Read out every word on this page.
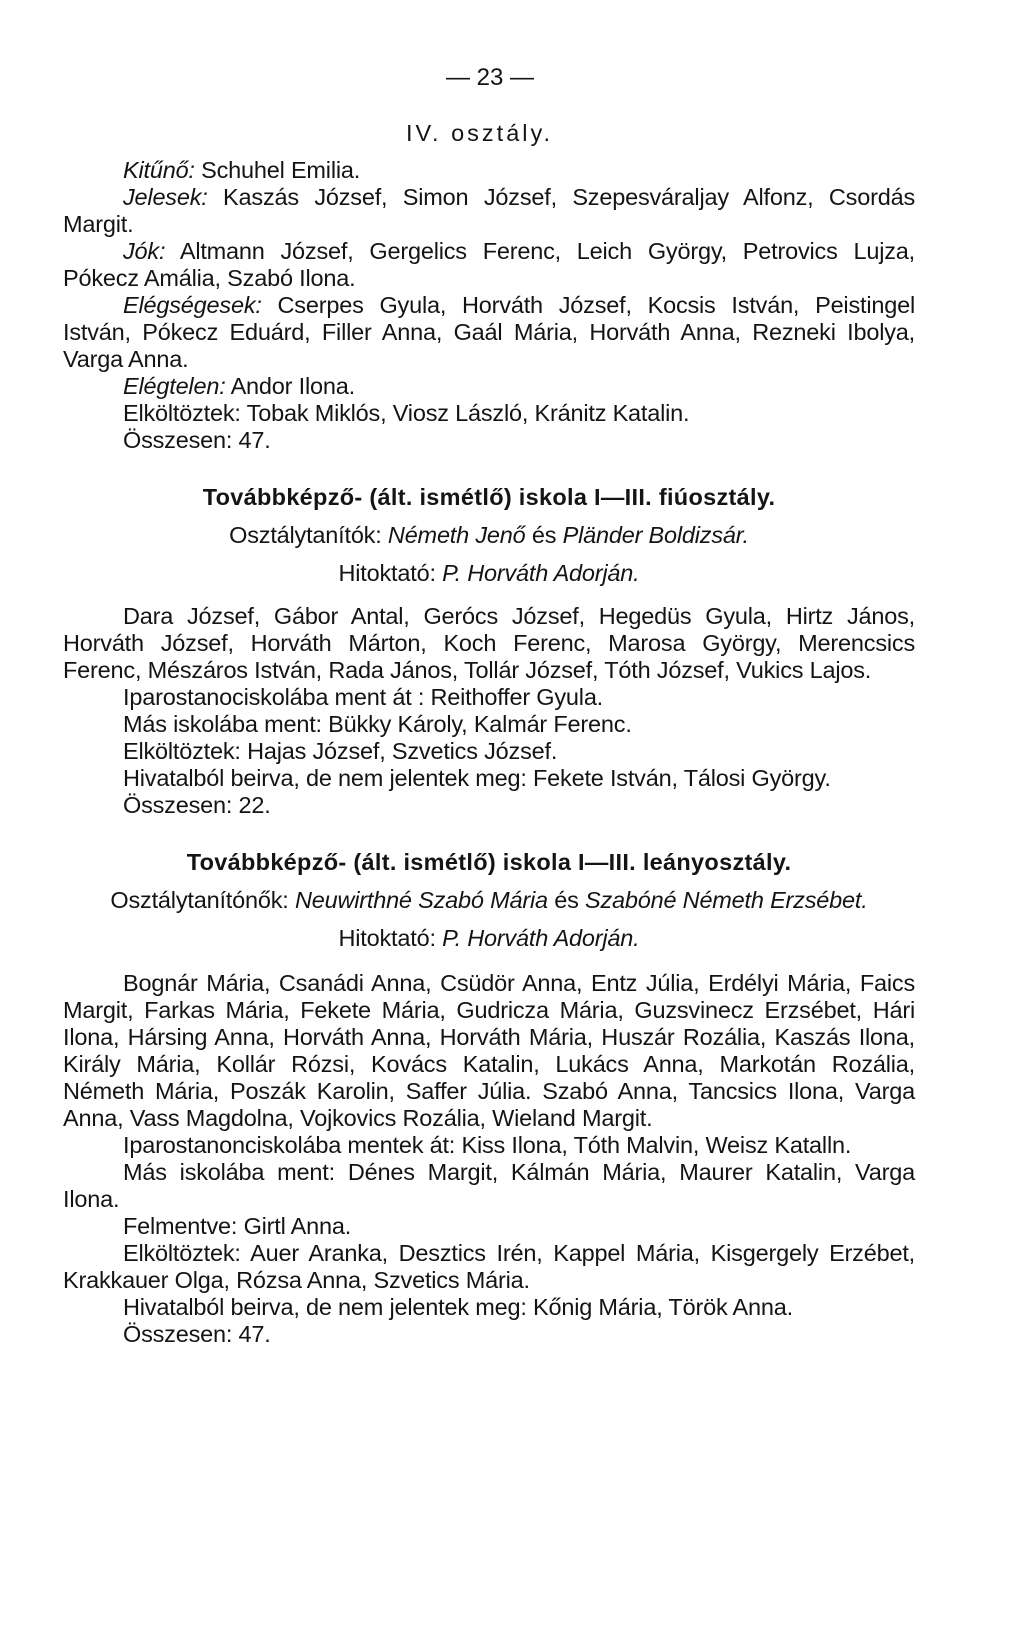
— 23 —

IV. osztály.

Kitűnő: Schuhel Emilia.

Jelesek: Kaszás József, Simon József, Szepesváraljay Alfonz, Csordás Margit.

Jók: Altmann József, Gergelics Ferenc, Leich György, Petrovics Lujza, Pókecz Amália, Szabó Ilona.

Elégségesek: Cserpes Gyula, Horváth József, Kocsis István, Peistingel István, Pókecz Eduárd, Filler Anna, Gaál Mária, Horváth Anna, Rezneki Ibolya, Varga Anna.

Elégtelen: Andor Ilona.

Elköltöztek: Tobak Miklós, Viosz László, Kránitz Katalin.

Összesen: 47.

Továbbképző- (ált. ismétlő) iskola I—III. fiúosztály.

Osztálytanítók: Németh Jenő és Pländer Boldizsár.

Hitoktató: P. Horváth Adorján.

Dara József, Gábor Antal, Gerócs József, Hegedüs Gyula, Hirtz János, Horváth József, Horváth Márton, Koch Ferenc, Marosa György, Merencsics Ferenc, Mészáros István, Rada János, Tollár József, Tóth József, Vukics Lajos.

Iparostanociskolába ment át : Reithoffer Gyula.

Más iskolába ment: Bükky Károly, Kalmár Ferenc.

Elköltöztek: Hajas József, Szvetics József.

Hivatalból beirva, de nem jelentek meg: Fekete István, Tálosi György.

Összesen: 22.

Továbbképző- (ált. ismétlő) iskola I—III. leányosztály.

Osztálytanítónők: Neuwirthné Szabó Mária és Szabóné Németh Erzsébet.

Hitoktató: P. Horváth Adorján.

Bognár Mária, Csanádi Anna, Csüdör Anna, Entz Júlia, Erdélyi Mária, Faics Margit, Farkas Mária, Fekete Mária, Gudricza Mária, Guzsvinecz Erzsébet, Hári Ilona, Hársing Anna, Horváth Anna, Horváth Mária, Huszár Rozália, Kaszás Ilona, Király Mária, Kollár Rózsi, Kovács Katalin, Lukács Anna, Markotán Rozália, Németh Mária, Poszák Karolin, Saffer Júlia. Szabó Anna, Tancsics Ilona, Varga Anna, Vass Magdolna, Vojkovics Rozália, Wieland Margit.

Iparostanonciskolába mentek át: Kiss Ilona, Tóth Malvin, Weisz Katalln.

Más iskolába ment: Dénes Margit, Kálmán Mária, Maurer Katalin, Varga Ilona.

Felmentve: Girtl Anna.

Elköltöztek: Auer Aranka, Desztics Irén, Kappel Mária, Kisgergely Erzébet, Krakkauer Olga, Rózsa Anna, Szvetics Mária.

Hivatalból beirva, de nem jelentek meg: Kőnig Mária, Török Anna.

Összesen: 47.
